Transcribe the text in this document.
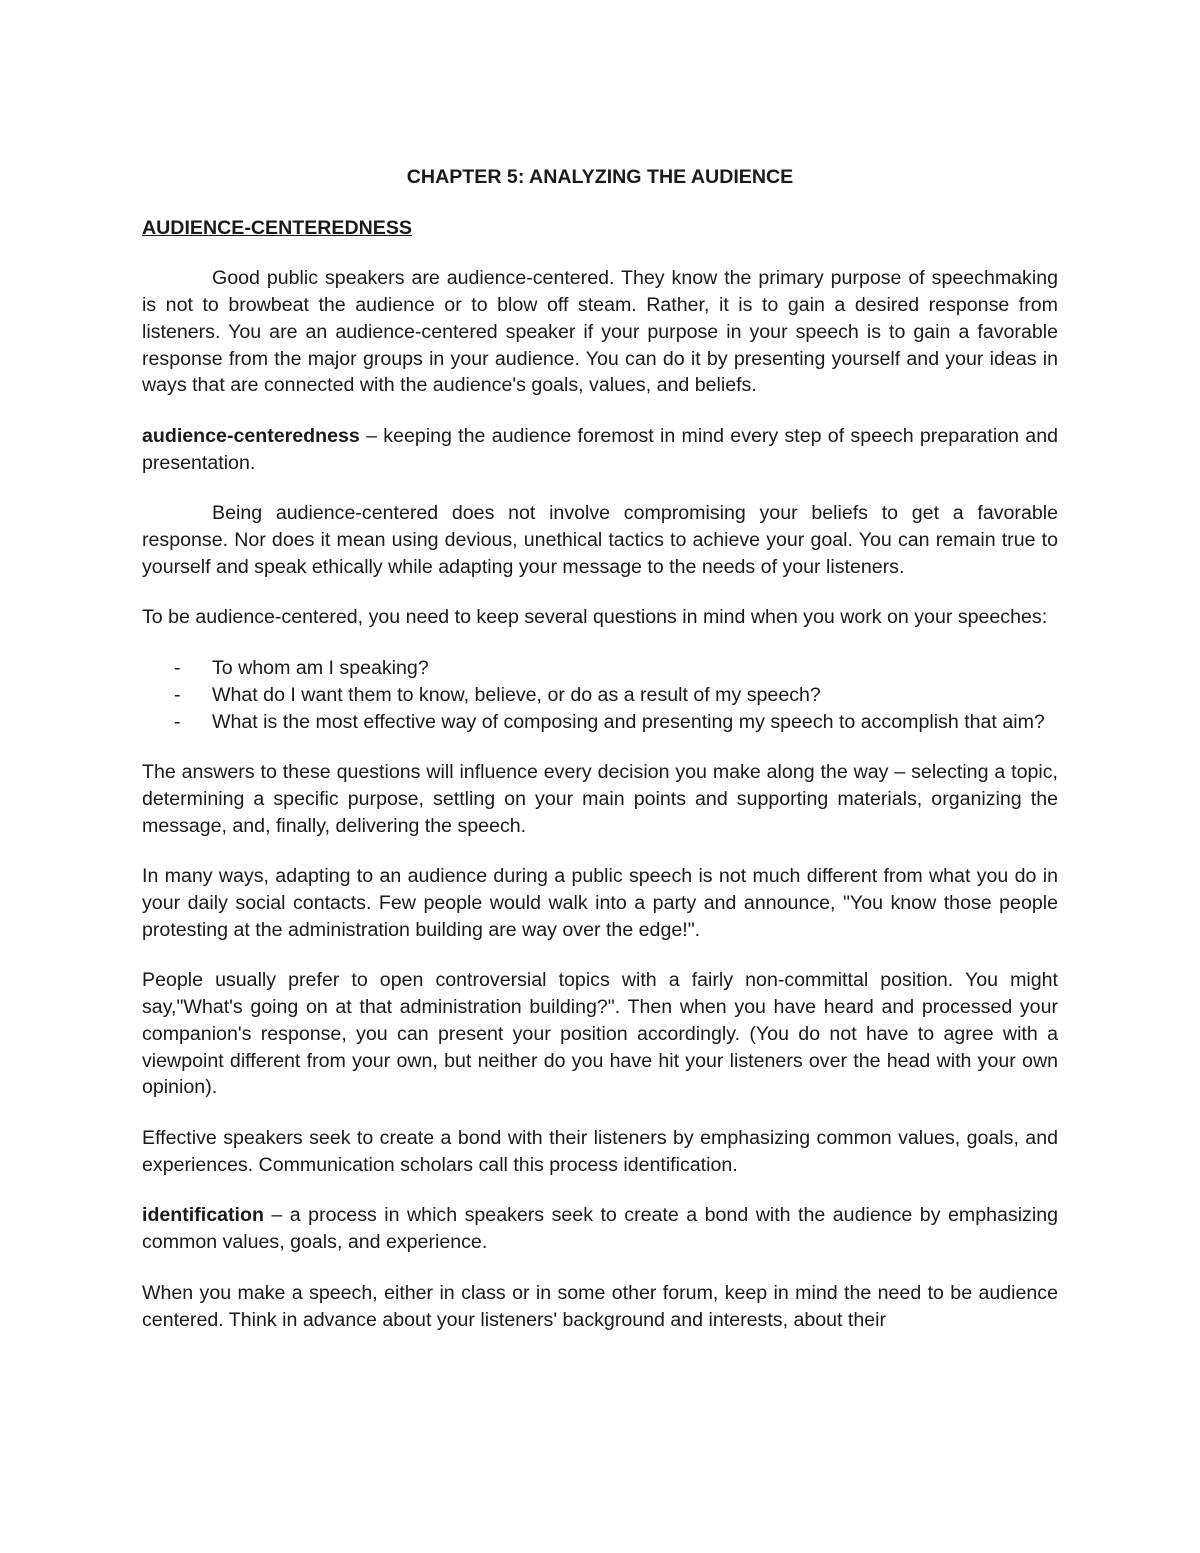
CHAPTER 5: ANALYZING THE AUDIENCE
AUDIENCE-CENTEREDNESS

Good public speakers are audience-centered. They know the primary purpose of speechmaking is not to browbeat the audience or to blow off steam. Rather, it is to gain a desired response from listeners. You are an audience-centered speaker if your purpose in your speech is to gain a favorable response from the major groups in your audience. You can do it by presenting yourself and your ideas in ways that are connected with the audience's goals, values, and beliefs.

audience-centeredness – keeping the audience foremost in mind every step of speech preparation and presentation.

Being audience-centered does not involve compromising your beliefs to get a favorable response. Nor does it mean using devious, unethical tactics to achieve your goal. You can remain true to yourself and speak ethically while adapting your message to the needs of your listeners.

To be audience-centered, you need to keep several questions in mind when you work on your speeches:

- To whom am I speaking?
- What do I want them to know, believe, or do as a result of my speech?
- What is the most effective way of composing and presenting my speech to accomplish that aim?

The answers to these questions will influence every decision you make along the way – selecting a topic, determining a specific purpose, settling on your main points and supporting materials, organizing the message, and, finally, delivering the speech.

In many ways, adapting to an audience during a public speech is not much different from what you do in your daily social contacts. Few people would walk into a party and announce, "You know those people protesting at the administration building are way over the edge!".

People usually prefer to open controversial topics with a fairly non-committal position. You might say,"What's going on at that administration building?". Then when you have heard and processed your companion's response, you can present your position accordingly. (You do not have to agree with a viewpoint different from your own, but neither do you have hit your listeners over the head with your own opinion).

Effective speakers seek to create a bond with their listeners by emphasizing common values, goals, and experiences. Communication scholars call this process identification.

identification – a process in which speakers seek to create a bond with the audience by emphasizing common values, goals, and experience.

When you make a speech, either in class or in some other forum, keep in mind the need to be audience centered. Think in advance about your listeners' background and interests, about their
